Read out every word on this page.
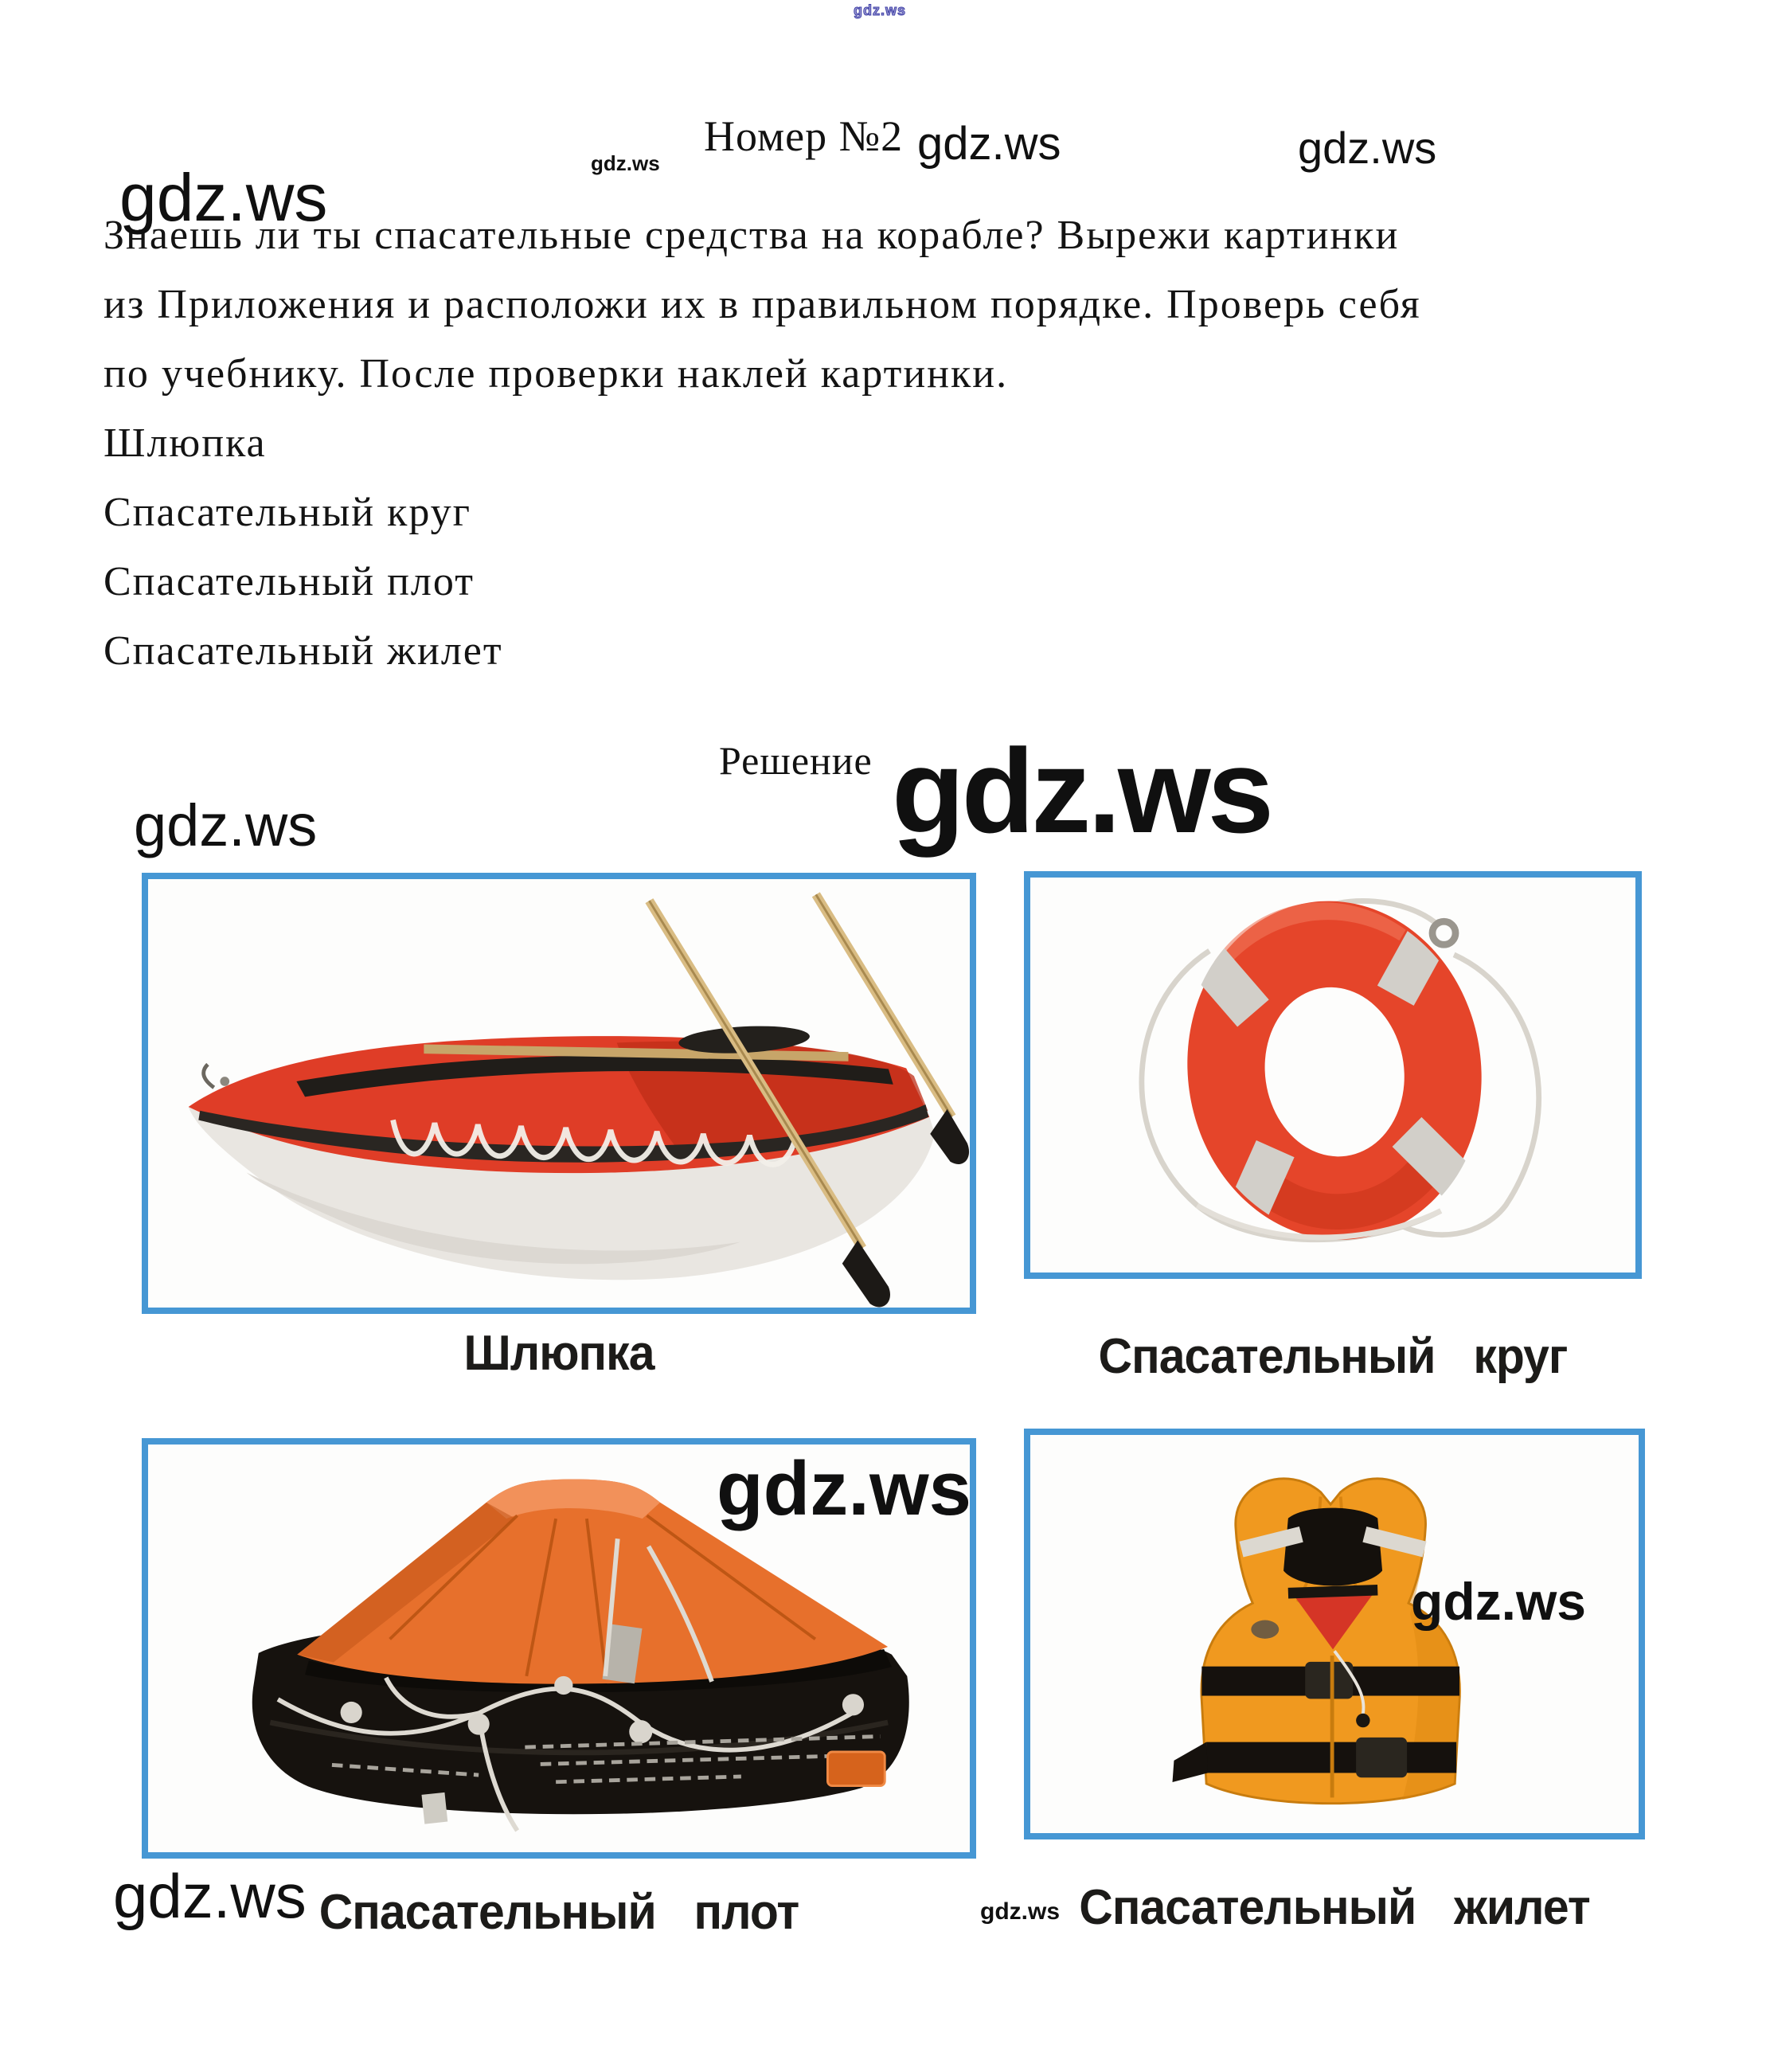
gdz.ws
gdz.ws
gdz.ws	gdz.ws
gdz.ws
gdz.ws
gdz.ws
gdz.ws
gdz.ws
gdz.ws	gdz.ws
Номер №2
Знаешь ли ты спасательные средства на корабле? Вырежи картинки
из Приложения и расположи их в правильном порядке. Проверь себя
по учебнику. После проверки наклей картинки.
Шлюпка
Спасательный круг
Спасательный плот
Спасательный жилет
Решение
Шлюпка	Спасательный круг
Спасательный плот	Спасательный жилет
